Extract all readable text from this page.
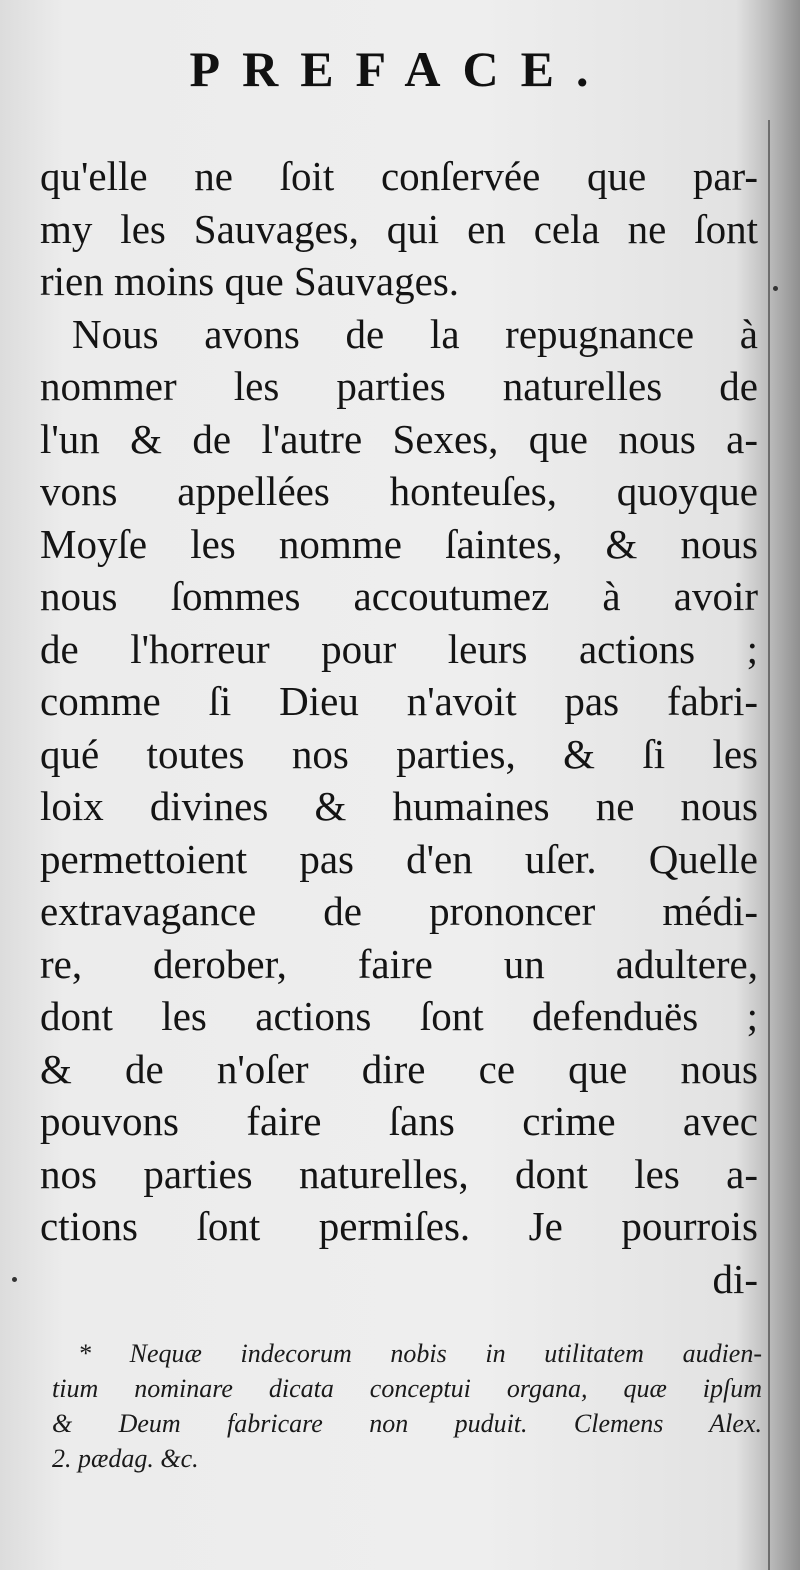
PREFACE.
qu'elle ne ſoit conſervée que par-
my les Sauvages, qui en cela ne ſont
rien moins que Sauvages.
Nous avons de la repugnance à
nommer les parties naturelles de
l'un & de l'autre Sexes, que nous a-
vons appellées honteuſes, quoyque
Moyſe les nomme ſaintes, & nous
nous ſommes accoutumez à avoir
de l'horreur pour leurs actions ;
comme ſi Dieu n'avoit pas fabri-
qué toutes nos parties, & ſi les
loix divines & humaines ne nous
permettoient pas d'en uſer. Quelle
extravagance de prononcer médi-
re, derober, faire un adultere,
dont les actions ſont defenduës ;
& de n'oſer dire ce que nous
pouvons faire ſans crime avec
nos parties naturelles, dont les a-
ctions ſont permiſes. Je pourrois
di-
* Nequæ indecorum nobis in utilitatem audien-
tium nominare dicata conceptui organa, quæ ipſum
& Deum fabricare non puduit. Clemens Alex.
2. pædag. &c.
